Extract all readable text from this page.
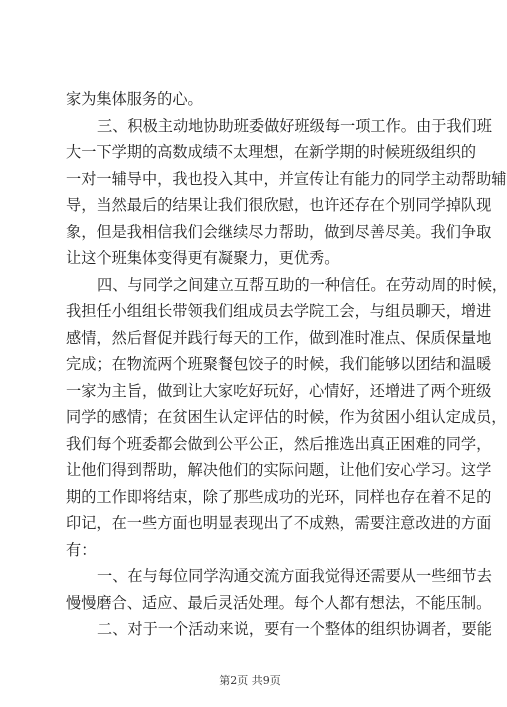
家为集体服务的心。
三、积极主动地协助班委做好班级每一项工作。由于我们班
大一下学期的高数成绩不太理想，在新学期的时候班级组织的
一对一辅导中，我也投入其中，并宣传让有能力的同学主动帮助辅
导，当然最后的结果让我们很欣慰，也许还存在个别同学掉队现
象，但是我相信我们会继续尽力帮助，做到尽善尽美。我们争取
让这个班集体变得更有凝聚力，更优秀。
四、与同学之间建立互帮互助的一种信任。在劳动周的时候，
我担任小组组长带领我们组成员去学院工会，与组员聊天，增进
感情，然后督促并践行每天的工作，做到准时准点、保质保量地
完成；在物流两个班聚餐包饺子的时候，我们能够以团结和温暖
一家为主旨，做到让大家吃好玩好，心情好，还增进了两个班级
同学的感情；在贫困生认定评估的时候，作为贫困小组认定成员，
我们每个班委都会做到公平公正，然后推选出真正困难的同学，
让他们得到帮助，解决他们的实际问题，让他们安心学习。这学
期的工作即将结束，除了那些成功的光环，同样也存在着不足的
印记，在一些方面也明显表现出了不成熟，需要注意改进的方面
有：
一、在与每位同学沟通交流方面我觉得还需要从一些细节去
慢慢磨合、适应、最后灵活处理。每个人都有想法，不能压制。
二、对于一个活动来说，要有一个整体的组织协调者，要能
第2页 共9页
